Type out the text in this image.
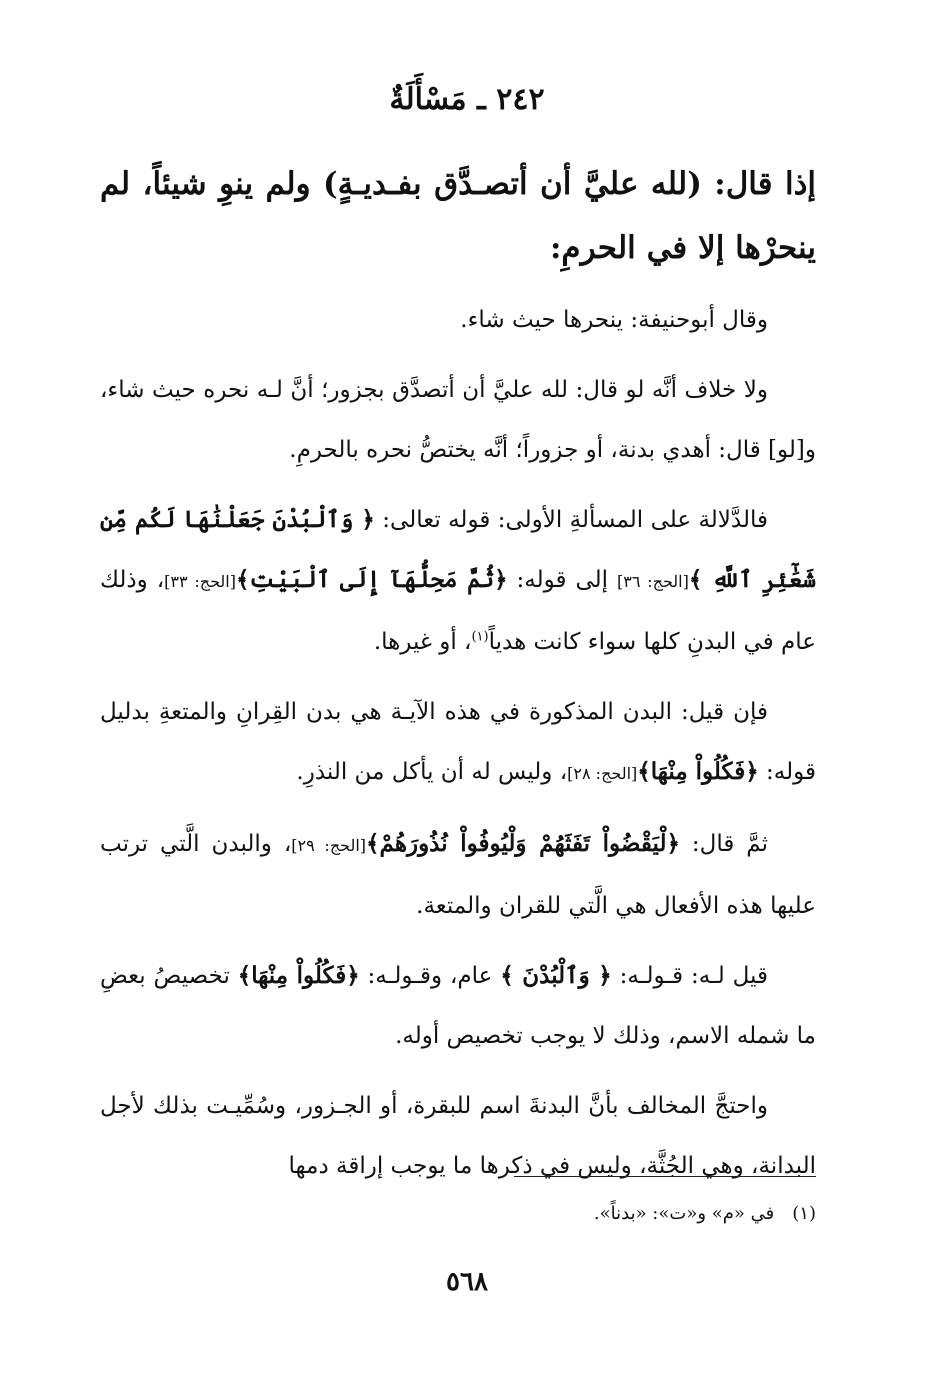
٢٤٢ ـ مَسْأَلَةٌ
إذا قال: (لله عليَّ أن أتصـدَّق بفـديـةٍ) ولم ينوِ شيئاً، لم ينحرْها إلا في الحرمِ:

وقال أبوحنيفة: ينحرها حيث شاء.

ولا خلاف أنَّه لو قال: لله عليَّ أن أتصدَّق بجزور؛ أنَّ لـه نحره حيث شاء، و[لو] قال: أهدي بدنة، أو جزوراً؛ أنَّه يختصُّ نحره بالحرمِ.

فالدَّلالة على المسألةِ الأولى: قوله تعالى: ﴿ وَٱلْبُدْنَ جَعَلْنَٰهَا لَكُم مِّن شَعَٰٓئِرِ ٱللَّهِ ﴾[الحج: ٣٦] إلى قوله: ﴿ثُمَّ مَحِلُّهَآ إِلَى ٱلْبَيْتِ﴾[الحج: ٣٣]، وذلك عام في البدنِ كلها سواء كانت هدياً$^{(١)}$، أو غيرها.

فإن قيل: البدن المذكورة في هذه الآيـة هي بدن القِرانِ والمتعةِ بدليل قوله: ﴿فَكُلُواْ مِنْهَا﴾[الحج: ٢٨]، وليس له أن يأكل من النذرِ.

ثمَّ قال: ﴿لْيَقْضُواْ تَفَثَهُمْ وَلْيُوفُواْ نُذُورَهُمْ﴾[الحج: ٢٩]، والبدن الَّتي ترتب عليها هذه الأفعال هي الَّتي للقران والمتعة.

قيل لـه: قـولـه: ﴿ وَٱلْبُدْنَ ﴾ عام، وقـولـه: ﴿فَكُلُواْ مِنْهَا﴾ تخصيصُ بعضِ ما شمله الاسم، وذلك لا يوجب تخصيص أوله.

واحتجَّ المخالف بأنَّ البدنةَ اسم للبقرة، أو الجـزور، وسُمِّيـت بذلك لأجل البدانة، وهي الجُثَّة، وليس في ذكرها ما يوجب إراقة دمها

(١)في «م» و«ت»: «بدناً».
٥٦٨
